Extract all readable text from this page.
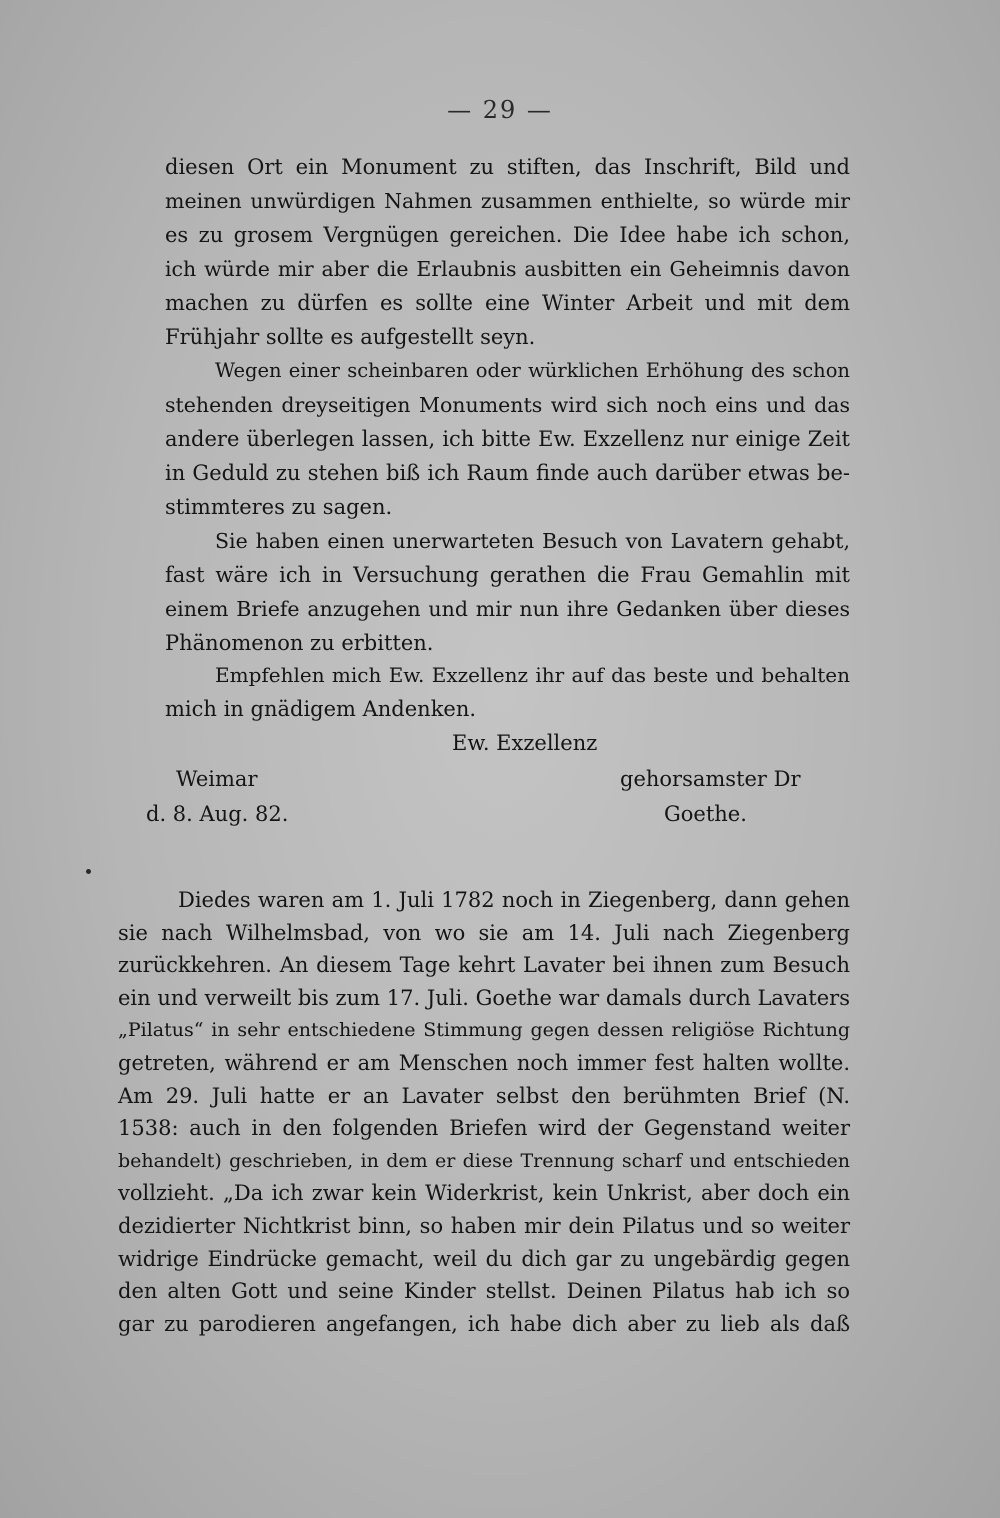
— 29 —
diesen Ort ein Monument zu stiften, das Inschrift, Bild und
meinen unwürdigen Nahmen zusammen enthielte, so würde mir
es zu grosem Vergnügen gereichen. Die Idee habe ich schon,
ich würde mir aber die Erlaubnis ausbitten ein Geheimnis davon
machen zu dürfen es sollte eine Winter Arbeit und mit dem
Frühjahr sollte es aufgestellt seyn.
Wegen einer scheinbaren oder würklichen Erhöhung des schon
stehenden dreyseitigen Monuments wird sich noch eins und das
andere überlegen lassen, ich bitte Ew. Exzellenz nur einige Zeit
in Geduld zu stehen biß ich Raum finde auch darüber etwas be-
stimmteres zu sagen.
Sie haben einen unerwarteten Besuch von Lavatern gehabt,
fast wäre ich in Versuchung gerathen die Frau Gemahlin mit
einem Briefe anzugehen und mir nun ihre Gedanken über dieses
Phänomenon zu erbitten.
Empfehlen mich Ew. Exzellenz ihr auf das beste und behalten
mich in gnädigem Andenken.
Ew. Exzellenz
Weimar
d. 8. Aug. 82.
gehorsamster Dr
Goethe.
Diedes waren am 1. Juli 1782 noch in Ziegenberg, dann gehen
sie nach Wilhelmsbad, von wo sie am 14. Juli nach Ziegenberg
zurückkehren. An diesem Tage kehrt Lavater bei ihnen zum Besuch
ein und verweilt bis zum 17. Juli. Goethe war damals durch Lavaters
„Pilatus“ in sehr entschiedene Stimmung gegen dessen religiöse Richtung
getreten, während er am Menschen noch immer fest halten wollte.
Am 29. Juli hatte er an Lavater selbst den berühmten Brief (N.
1538: auch in den folgenden Briefen wird der Gegenstand weiter
behandelt) geschrieben, in dem er diese Trennung scharf und entschieden
vollzieht. „Da ich zwar kein Widerkrist, kein Unkrist, aber doch ein
dezidierter Nichtkrist binn, so haben mir dein Pilatus und so weiter
widrige Eindrücke gemacht, weil du dich gar zu ungebärdig gegen
den alten Gott und seine Kinder stellst. Deinen Pilatus hab ich so
gar zu parodieren angefangen, ich habe dich aber zu lieb als daß
